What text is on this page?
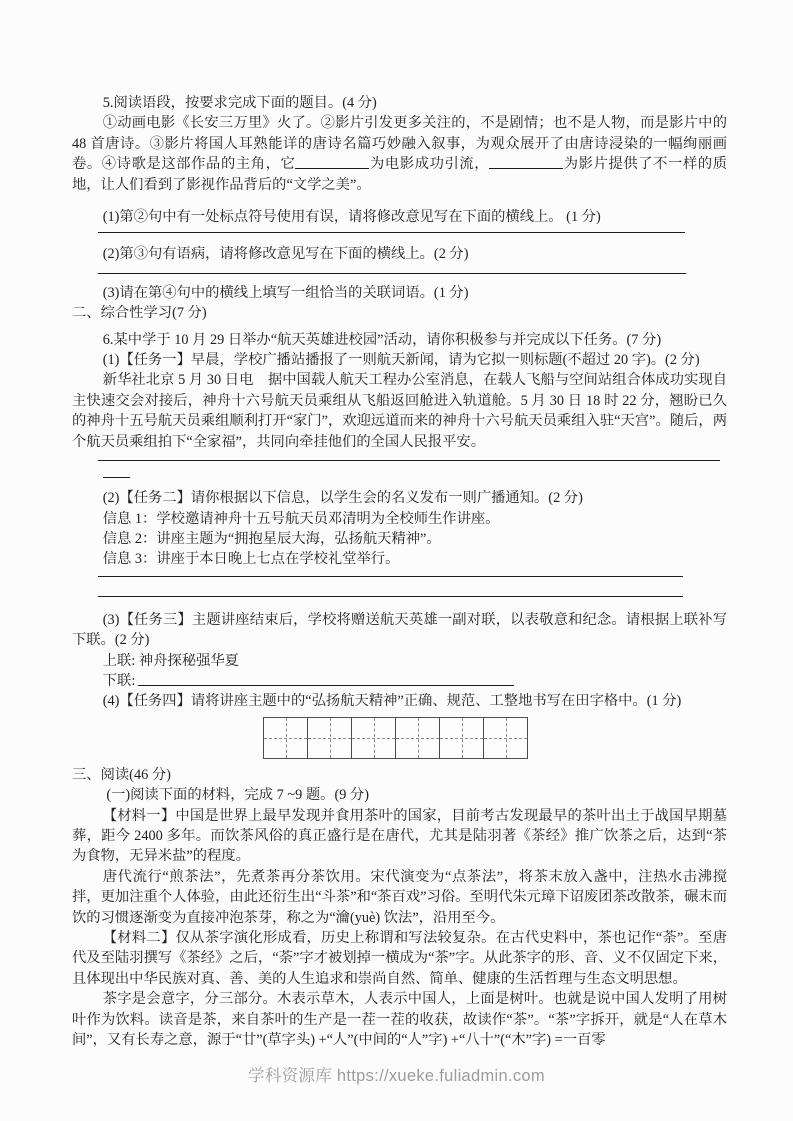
5.阅读语段，按要求完成下面的题目。(4 分)

①动画电影《长安三万里》火了。②影片引发更多关注的，不是剧情；也不是人物，而是影片中的 48 首唐诗。③影片将国人耳熟能详的唐诗名篇巧妙融入叙事，为观众展开了由唐诗浸染的一幅绚丽画卷。④诗歌是这部作品的主角，它	为电影成功引流，	为影片提供了不一样的质地，让人们看到了影视作品背后的“文学之美”。

(1)第②句中有一处标点符号使用有误，请将修改意见写在下面的横线上。 (1 分)

(2)第③句有语病，请将修改意见写在下面的横线上。(2 分)

(3)请在第④句中的横线上填写一组恰当的关联词语。(1 分)

二、综合性学习(7 分)

6.某中学于 10 月 29 日举办“航天英雄进校园”活动，请你积极参与并完成以下任务。(7 分)

(1)【任务一】早晨，学校广播站播报了一则航天新闻，请为它拟一则标题(不超过 20 字)。(2 分)

新华社北京 5 月 30 日电　据中国载人航天工程办公室消息，在载人飞船与空间站组合体成功实现自主快速交会对接后，神舟十六号航天员乘组从飞船返回舱进入轨道舱。5 月 30 日 18 时 22 分，翘盼已久的神舟十五号航天员乘组顺利打开“家门”，欢迎远道而来的神舟十六号航天员乘组入驻“天宫”。随后，两个航天员乘组拍下“全家福”，共同向牵挂他们的全国人民报平安。

(2)【任务二】请你根据以下信息，以学生会的名义发布一则广播通知。(2 分)

信息 1：学校邀请神舟十五号航天员邓清明为全校师生作讲座。

信息 2：讲座主题为“拥抱星辰大海，弘扬航天精神”。

信息 3：讲座于本日晚上七点在学校礼堂举行。

(3)【任务三】主题讲座结束后，学校将赠送航天英雄一副对联，以表敬意和纪念。请根据上联补写下联。(2 分)

上联: 神舟探秘强华夏

下联:

(4)【任务四】请将讲座主题中的“弘扬航天精神”正确、规范、工整地书写在田字格中。(1 分)

三、阅读(46 分)

(一)阅读下面的材料，完成 7 ~9 题。(9 分)

【材料一】中国是世界上最早发现并食用茶叶的国家，目前考古发现最早的茶叶出土于战国早期墓葬，距今 2400 多年。而饮茶风俗的真正盛行是在唐代，尤其是陆羽著《茶经》推广饮茶之后，达到“茶为食物，无异米盐”的程度。

唐代流行“煎茶法”，先煮茶再分茶饮用。宋代演变为“点茶法”，将茶末放入盏中，注热水击沸搅拌，更加注重个人体验，由此还衍生出“斗茶”和“茶百戏”习俗。至明代朱元璋下诏废团茶改散茶，碾末而饮的习惯逐渐变为直接冲泡茶芽，称之为“瀹(yuè) 饮法”，沿用至今。

【材料二】仅从茶字演化形成看，历史上称谓和写法较复杂。在古代史料中，茶也记作“荼”。至唐代及至陆羽撰写《茶经》之后，“荼”字才被划掉一横成为“茶”字。从此茶字的形、音、义不仅固定下来，且体现出中华民族对真、善、美的人生追求和崇尚自然、简单、健康的生活哲理与生态文明思想。

茶字是会意字，分三部分。木表示草木，人表示中国人，上面是树叶。也就是说中国人发明了用树叶作为饮料。读音是茶，来自茶叶的生产是一茬一茬的收获，故读作“茶”。“茶”字拆开，就是“人在草木间”，又有长寿之意，源于“廿”(草字头) +“人”(中间的“人”字) +“八十”(“木”字) =一百零

学科资源库 https://xueke.fuliadmin.com
